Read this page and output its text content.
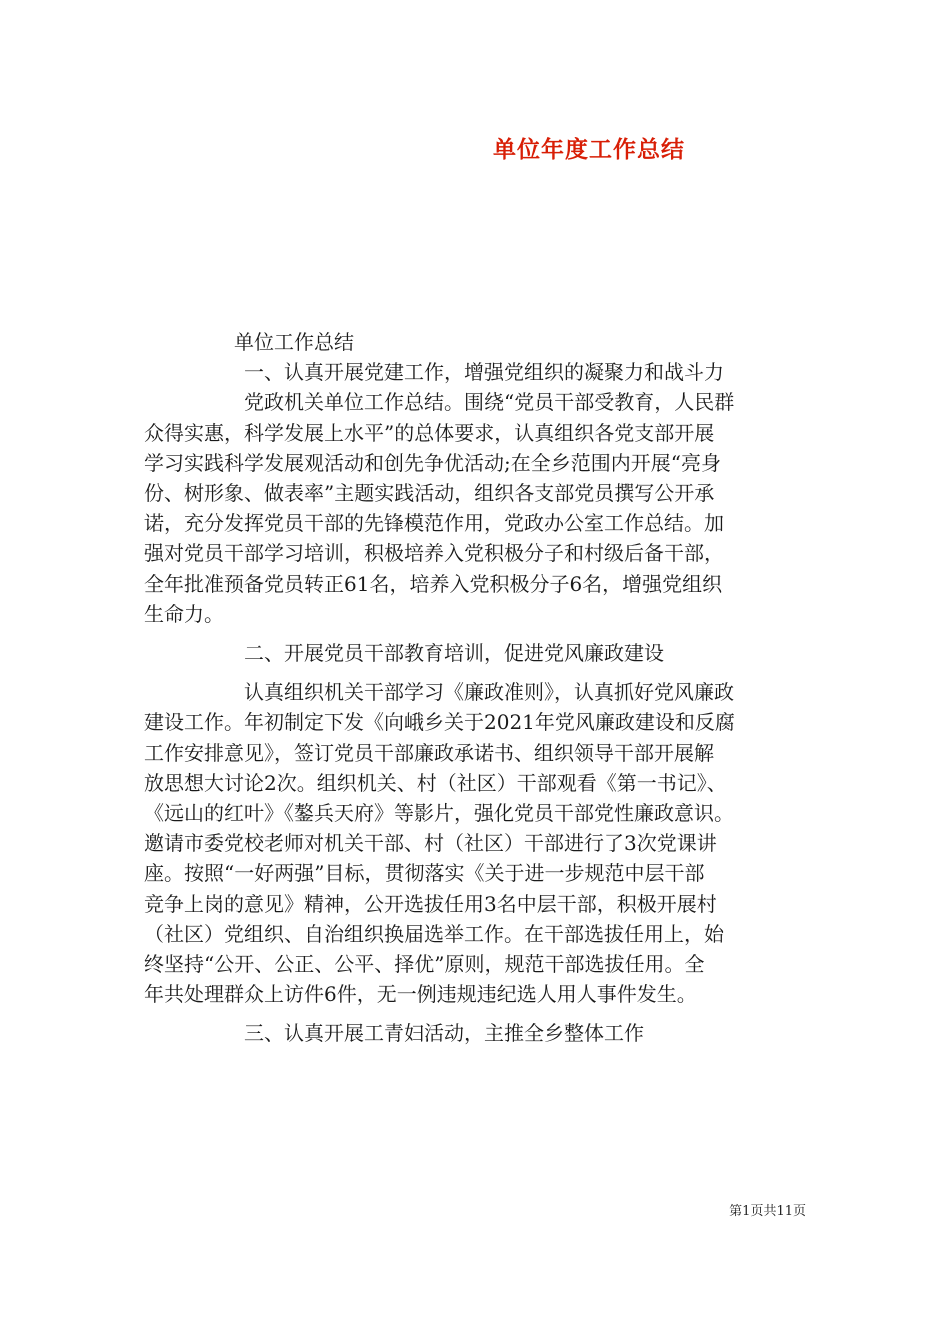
单位年度工作总结
单位工作总结
一、认真开展党建工作，增强党组织的凝聚力和战斗力
党政机关单位工作总结。围绕“党员干部受教育，人民群
众得实惠，科学发展上水平”的总体要求，认真组织各党支部开展
学习实践科学发展观活动和创先争优活动;在全乡范围内开展“亮身
份、树形象、做表率”主题实践活动，组织各支部党员撰写公开承
诺，充分发挥党员干部的先锋模范作用，党政办公室工作总结。加
强对党员干部学习培训，积极培养入党积极分子和村级后备干部，
全年批准预备党员转正61名，培养入党积极分子6名，增强党组织
生命力。
二、开展党员干部教育培训，促进党风廉政建设
认真组织机关干部学习《廉政准则》，认真抓好党风廉政
建设工作。年初制定下发《向峨乡关于2021年党风廉政建设和反腐
工作安排意见》，签订党员干部廉政承诺书、组织领导干部开展解
放思想大讨论2次。组织机关、村（社区）干部观看《第一书记》、
《远山的红叶》《鏊兵天府》等影片，强化党员干部党性廉政意识。
邀请市委党校老师对机关干部、村（社区）干部进行了3次党课讲
座。按照“一好两强”目标，贯彻落实《关于进一步规范中层干部
竞争上岗的意见》精神，公开选拔任用3名中层干部，积极开展村
（社区）党组织、自治组织换届选举工作。在干部选拔任用上，始
终坚持“公开、公正、公平、择优”原则，规范干部选拔任用。全
年共处理群众上访件6件，无一例违规违纪选人用人事件发生。
三、认真开展工青妇活动，主推全乡整体工作
第1页共11页
